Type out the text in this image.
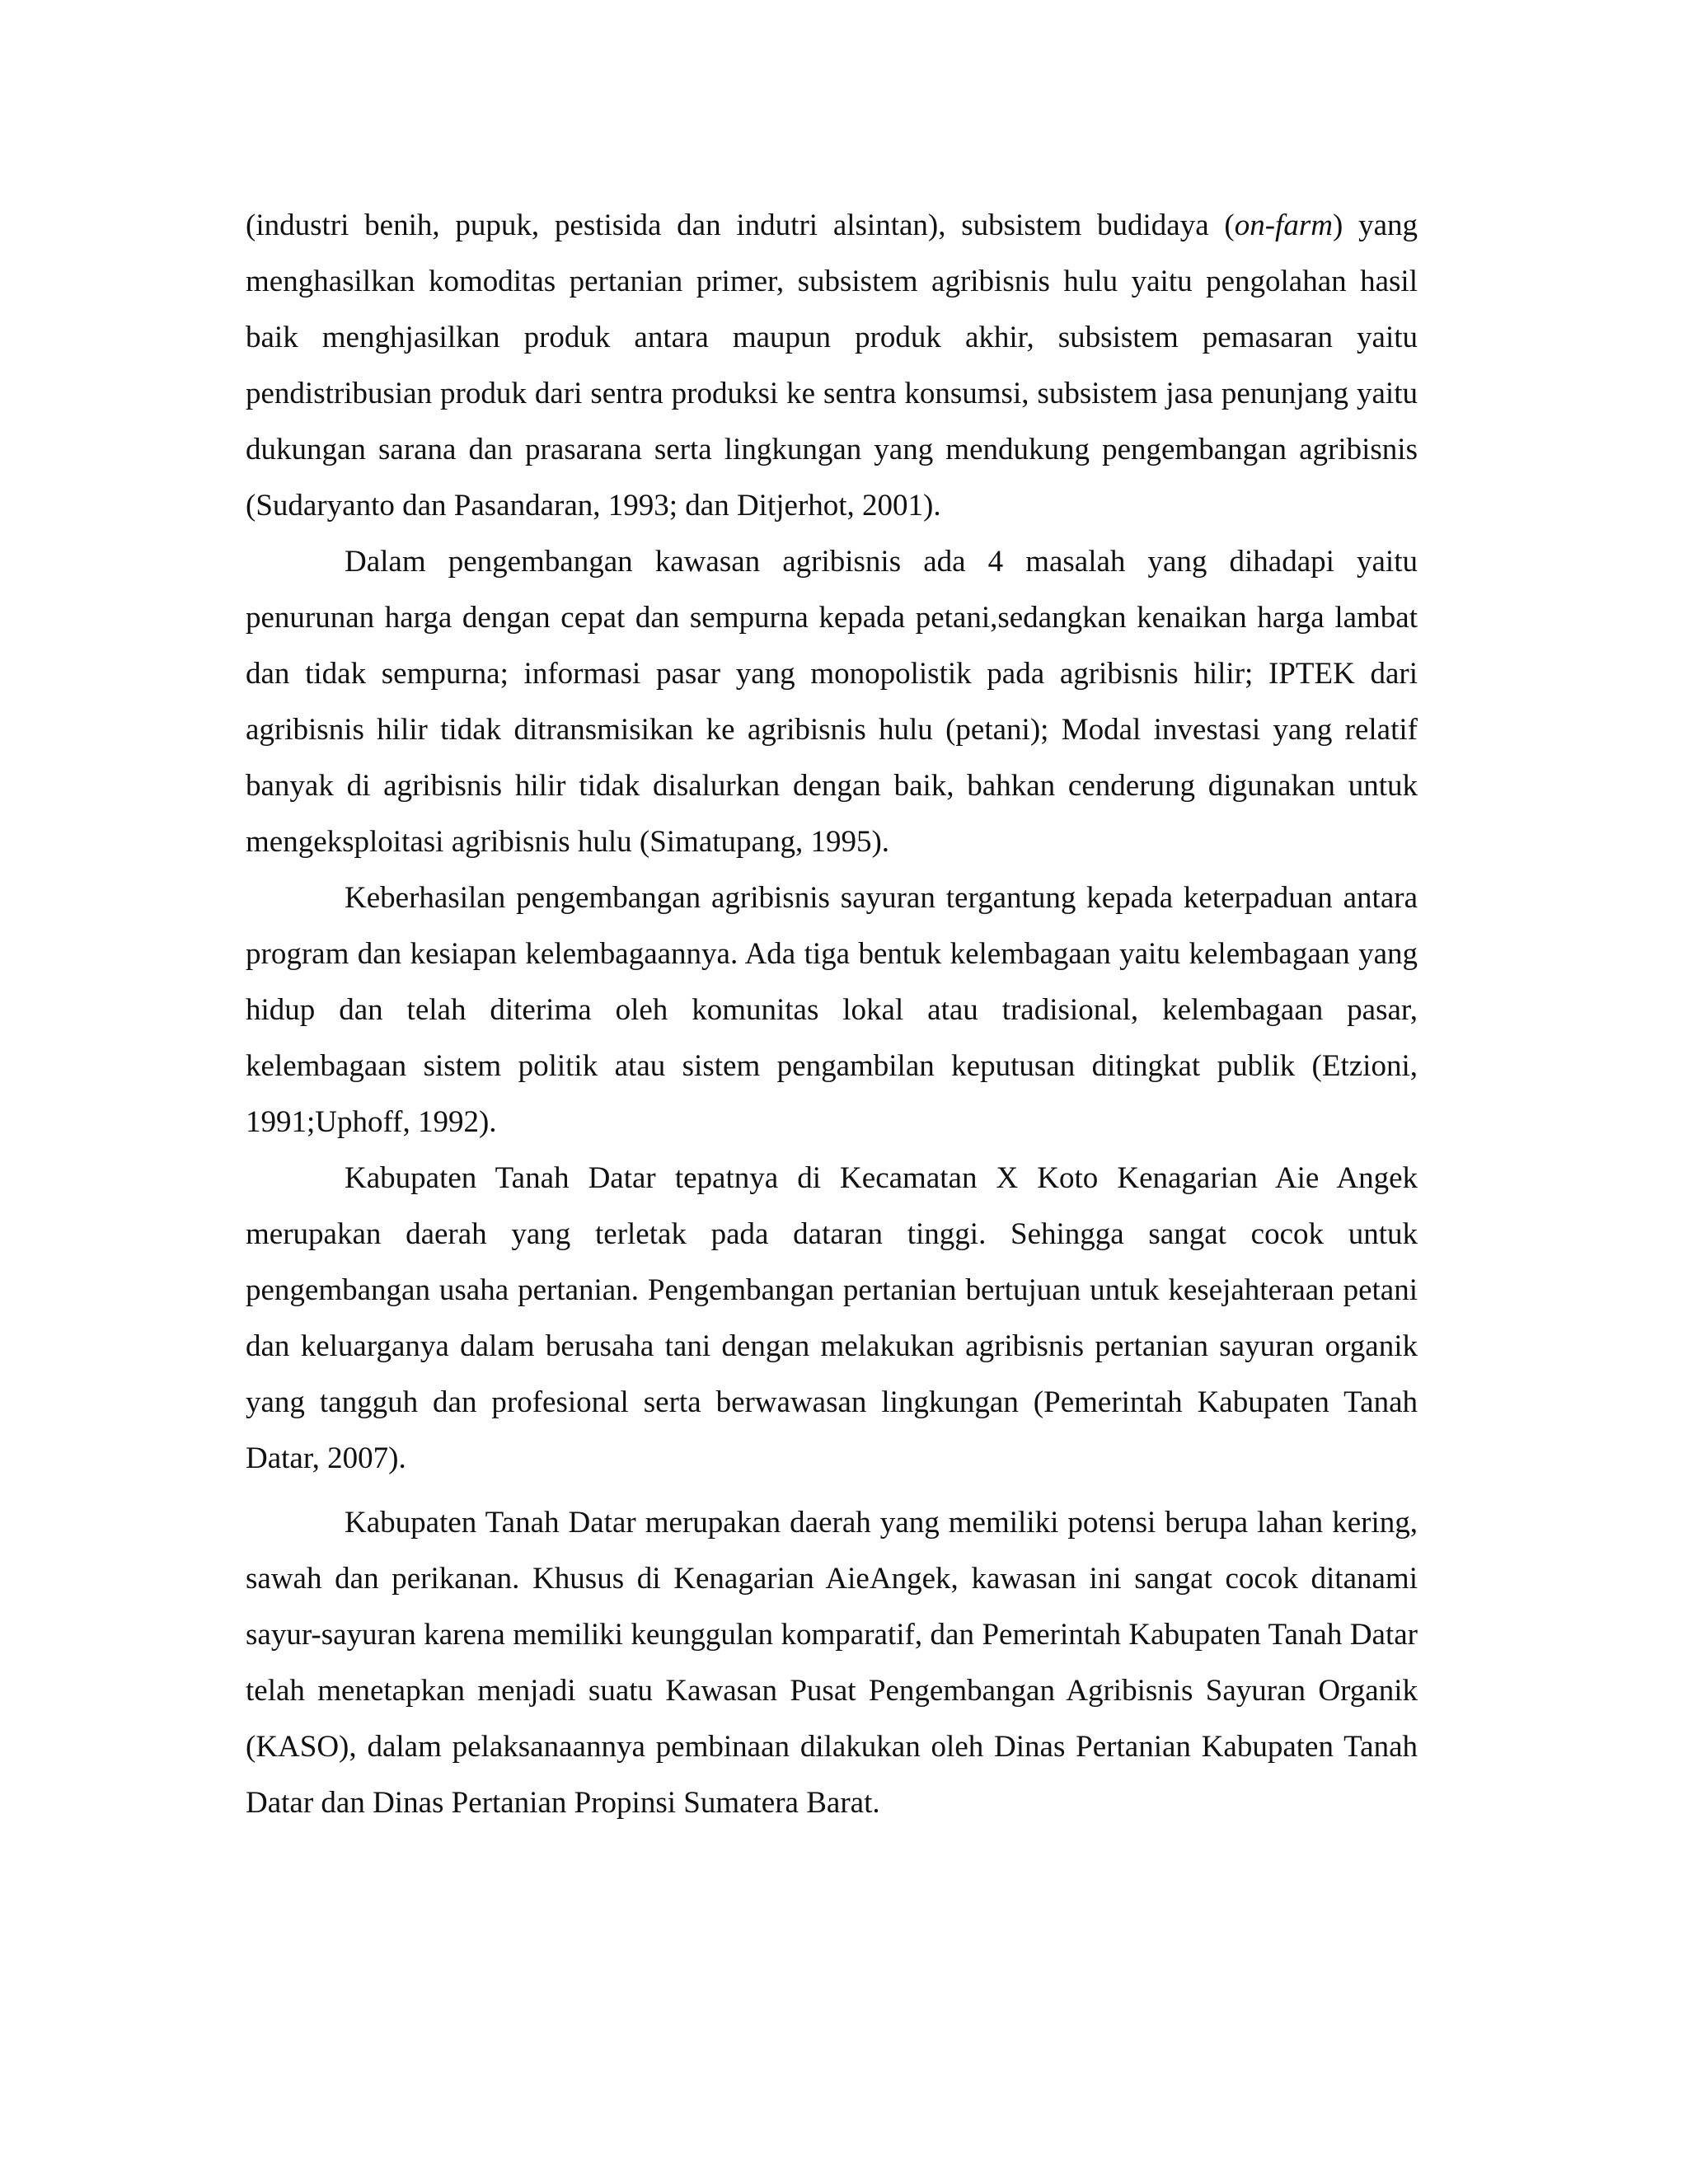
(industri benih, pupuk, pestisida dan indutri alsintan), subsistem budidaya (on-farm) yang menghasilkan komoditas pertanian primer, subsistem agribisnis hulu yaitu pengolahan hasil baik menghjasilkan produk antara maupun produk akhir, subsistem pemasaran yaitu pendistribusian produk dari sentra produksi ke sentra konsumsi, subsistem jasa penunjang yaitu dukungan sarana dan prasarana serta lingkungan yang mendukung pengembangan agribisnis (Sudaryanto dan Pasandaran, 1993; dan Ditjerhot, 2001).

Dalam pengembangan kawasan agribisnis ada 4 masalah yang dihadapi yaitu penurunan harga dengan cepat dan sempurna kepada petani,sedangkan kenaikan harga lambat dan tidak sempurna; informasi pasar yang monopolistik pada agribisnis hilir; IPTEK dari agribisnis hilir tidak ditransmisikan ke agribisnis hulu (petani); Modal investasi yang relatif banyak di agribisnis hilir tidak disalurkan dengan baik, bahkan cenderung digunakan untuk mengeksploitasi agribisnis hulu (Simatupang, 1995).

Keberhasilan pengembangan agribisnis sayuran tergantung kepada keterpaduan antara program dan kesiapan kelembagaannya. Ada tiga bentuk kelembagaan yaitu kelembagaan yang hidup dan telah diterima oleh komunitas lokal atau tradisional, kelembagaan pasar, kelembagaan sistem politik atau sistem pengambilan keputusan ditingkat publik (Etzioni, 1991;Uphoff, 1992).

Kabupaten Tanah Datar tepatnya di Kecamatan X Koto Kenagarian Aie Angek merupakan daerah yang terletak pada dataran tinggi. Sehingga sangat cocok untuk pengembangan usaha pertanian. Pengembangan pertanian bertujuan untuk kesejahteraan petani dan keluarganya dalam berusaha tani dengan melakukan agribisnis pertanian sayuran organik yang tangguh dan profesional serta berwawasan lingkungan (Pemerintah Kabupaten Tanah Datar, 2007).

Kabupaten Tanah Datar merupakan daerah yang memiliki potensi berupa lahan kering, sawah dan perikanan. Khusus di Kenagarian AieAngek, kawasan ini sangat cocok ditanami sayur-sayuran karena memiliki keunggulan komparatif, dan Pemerintah Kabupaten Tanah Datar telah menetapkan menjadi suatu Kawasan Pusat Pengembangan Agribisnis Sayuran Organik (KASO), dalam pelaksanaannya pembinaan dilakukan oleh Dinas Pertanian Kabupaten Tanah Datar dan Dinas Pertanian Propinsi Sumatera Barat.
